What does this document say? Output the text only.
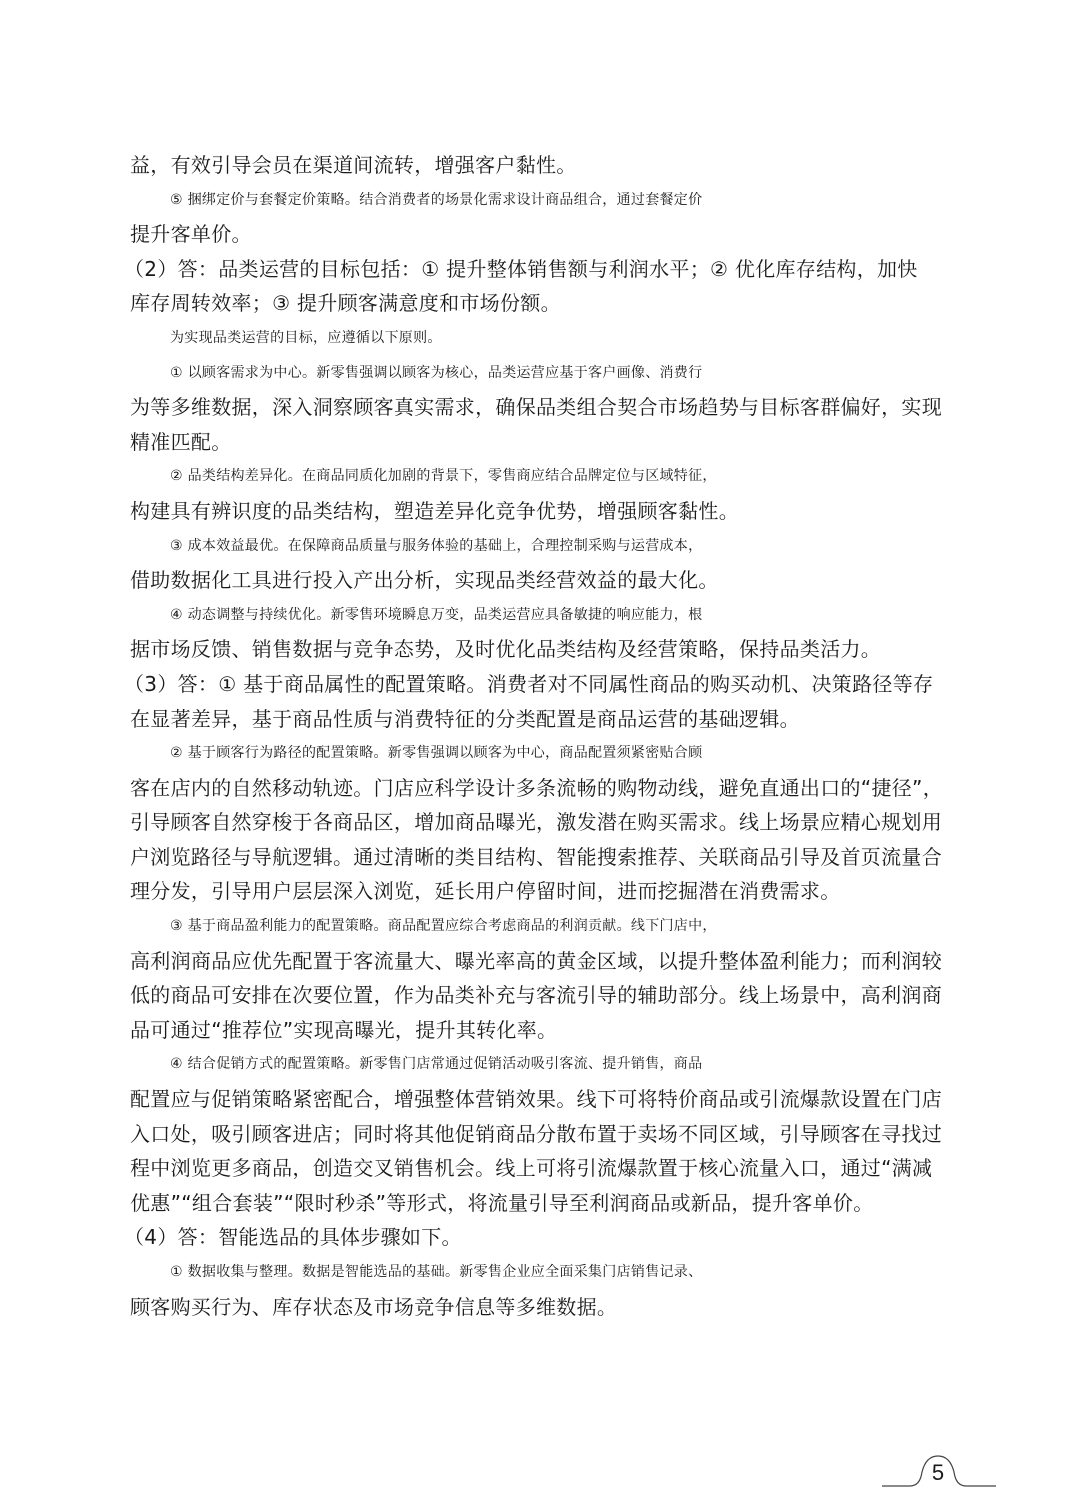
益，有效引导会员在渠道间流转，增强客户黏性。
⑤ 捆绑定价与套餐定价策略。结合消费者的场景化需求设计商品组合，通过套餐定价
提升客单价。
（2）答：品类运营的目标包括：① 提升整体销售额与利润水平；② 优化库存结构，加快
库存周转效率；③ 提升顾客满意度和市场份额。
为实现品类运营的目标，应遵循以下原则。
① 以顾客需求为中心。新零售强调以顾客为核心，品类运营应基于客户画像、消费行
为等多维数据，深入洞察顾客真实需求，确保品类组合契合市场趋势与目标客群偏好，实现
精准匹配。
② 品类结构差异化。在商品同质化加剧的背景下，零售商应结合品牌定位与区域特征，
构建具有辨识度的品类结构，塑造差异化竞争优势，增强顾客黏性。
③ 成本效益最优。在保障商品质量与服务体验的基础上，合理控制采购与运营成本，
借助数据化工具进行投入产出分析，实现品类经营效益的最大化。
④ 动态调整与持续优化。新零售环境瞬息万变，品类运营应具备敏捷的响应能力，根
据市场反馈、销售数据与竞争态势，及时优化品类结构及经营策略，保持品类活力。
（3）答：① 基于商品属性的配置策略。消费者对不同属性商品的购买动机、决策路径等存
在显著差异，基于商品性质与消费特征的分类配置是商品运营的基础逻辑。
② 基于顾客行为路径的配置策略。新零售强调以顾客为中心，商品配置须紧密贴合顾
客在店内的自然移动轨迹。门店应科学设计多条流畅的购物动线，避免直通出口的“捷径”，
引导顾客自然穿梭于各商品区，增加商品曝光，激发潜在购买需求。线上场景应精心规划用
户浏览路径与导航逻辑。通过清晰的类目结构、智能搜索推荐、关联商品引导及首页流量合
理分发，引导用户层层深入浏览，延长用户停留时间，进而挖掘潜在消费需求。
③ 基于商品盈利能力的配置策略。商品配置应综合考虑商品的利润贡献。线下门店中，
高利润商品应优先配置于客流量大、曝光率高的黄金区域，以提升整体盈利能力；而利润较
低的商品可安排在次要位置，作为品类补充与客流引导的辅助部分。线上场景中，高利润商
品可通过“推荐位”实现高曝光，提升其转化率。
④ 结合促销方式的配置策略。新零售门店常通过促销活动吸引客流、提升销售，商品
配置应与促销策略紧密配合，增强整体营销效果。线下可将特价商品或引流爆款设置在门店
入口处，吸引顾客进店；同时将其他促销商品分散布置于卖场不同区域，引导顾客在寻找过
程中浏览更多商品，创造交叉销售机会。线上可将引流爆款置于核心流量入口，通过“满减
优惠”“组合套装”“限时秒杀”等形式，将流量引导至利润商品或新品，提升客单价。
（4）答：智能选品的具体步骤如下。
① 数据收集与整理。数据是智能选品的基础。新零售企业应全面采集门店销售记录、
顾客购买行为、库存状态及市场竞争信息等多维数据。
5
